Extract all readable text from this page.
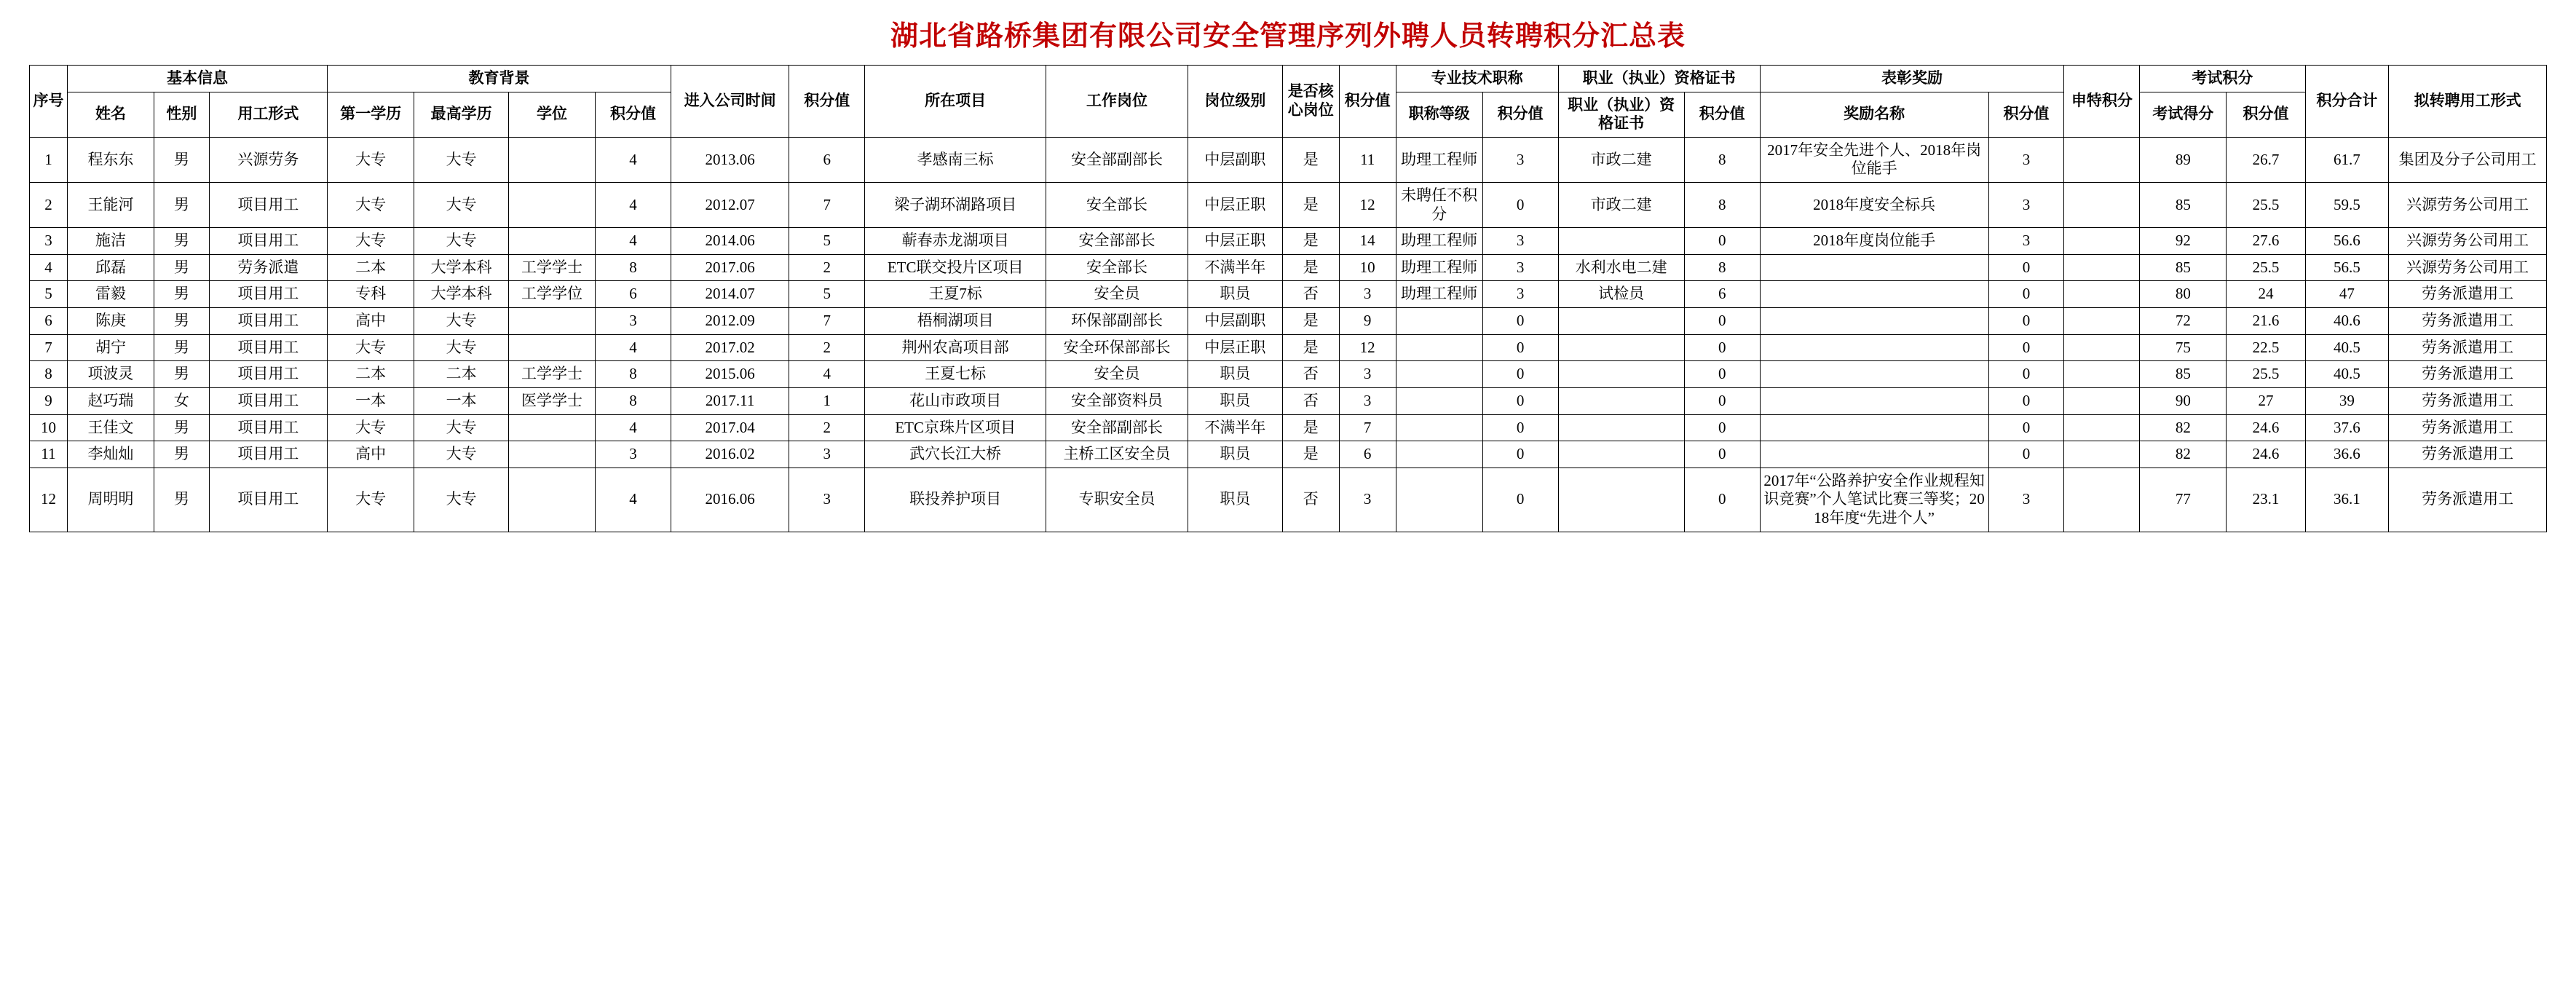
湖北省路桥集团有限公司安全管理序列外聘人员转聘积分汇总表
序号	基本信息			教育背景				进入公司时间	积分值	所在项目	工作岗位	岗位级别	是否核心岗位	积分值	专业技术职称		职业（执业）资格证书		表彰奖励		申特积分	考试积分		积分合计	拟转聘用工形式
	姓名	性别	用工形式	第一学历	最高学历	学位	积分值								职称等级	积分值	职业（执业）资格证书	积分值	奖励名称	积分值		考试得分	积分值		
1	程东东	男	兴源劳务	大专	大专		4	2013.06	6	孝感南三标	安全部副部长	中层副职	是	11	助理工程师	3	市政二建	8	2017年安全先进个人、2018年岗位能手	3		89	26.7	61.7	集团及分子公司用工
2	王能河	男	项目用工	大专	大专		4	2012.07	7	梁子湖环湖路项目	安全部长	中层正职	是	12	未聘任不积分	0	市政二建	8	2018年度安全标兵	3		85	25.5	59.5	兴源劳务公司用工
3	施洁	男	项目用工	大专	大专		4	2014.06	5	蕲春赤龙湖项目	安全部部长	中层正职	是	14	助理工程师	3		0	2018年度岗位能手	3		92	27.6	56.6	兴源劳务公司用工
4	邱磊	男	劳务派遣	二本	大学本科	工学学士	8	2017.06	2	ETC联交投片区项目	安全部长	不满半年	是	10	助理工程师	3	水利水电二建	8		0		85	25.5	56.5	兴源劳务公司用工
5	雷毅	男	项目用工	专科	大学本科	工学学位	6	2014.07	5	王夏7标	安全员	职员	否	3	助理工程师	3	试检员	6		0		80	24	47	劳务派遣用工
6	陈庚	男	项目用工	高中	大专		3	2012.09	7	梧桐湖项目	环保部副部长	中层副职	是	9		0		0		0		72	21.6	40.6	劳务派遣用工
7	胡宁	男	项目用工	大专	大专		4	2017.02	2	荆州农高项目部	安全环保部部长	中层正职	是	12		0		0		0		75	22.5	40.5	劳务派遣用工
8	项波灵	男	项目用工	二本	二本	工学学士	8	2015.06	4	王夏七标	安全员	职员	否	3		0		0		0		85	25.5	40.5	劳务派遣用工
9	赵巧瑞	女	项目用工	一本	一本	医学学士	8	2017.11	1	花山市政项目	安全部资料员	职员	否	3		0		0		0		90	27	39	劳务派遣用工
10	王佳文	男	项目用工	大专	大专		4	2017.04	2	ETC京珠片区项目	安全部副部长	不满半年	是	7		0		0		0		82	24.6	37.6	劳务派遣用工
11	李灿灿	男	项目用工	高中	大专		3	2016.02	3	武穴长江大桥	主桥工区安全员	职员	是	6		0		0		0		82	24.6	36.6	劳务派遣用工
12	周明明	男	项目用工	大专	大专		4	2016.06	3	联投养护项目	专职安全员	职员	否	3		0		0	2017年“公路养护安全作业规程知识竞赛”个人笔试比赛三等奖；2018年度“先进个人”	3		77	23.1	36.1	劳务派遣用工
